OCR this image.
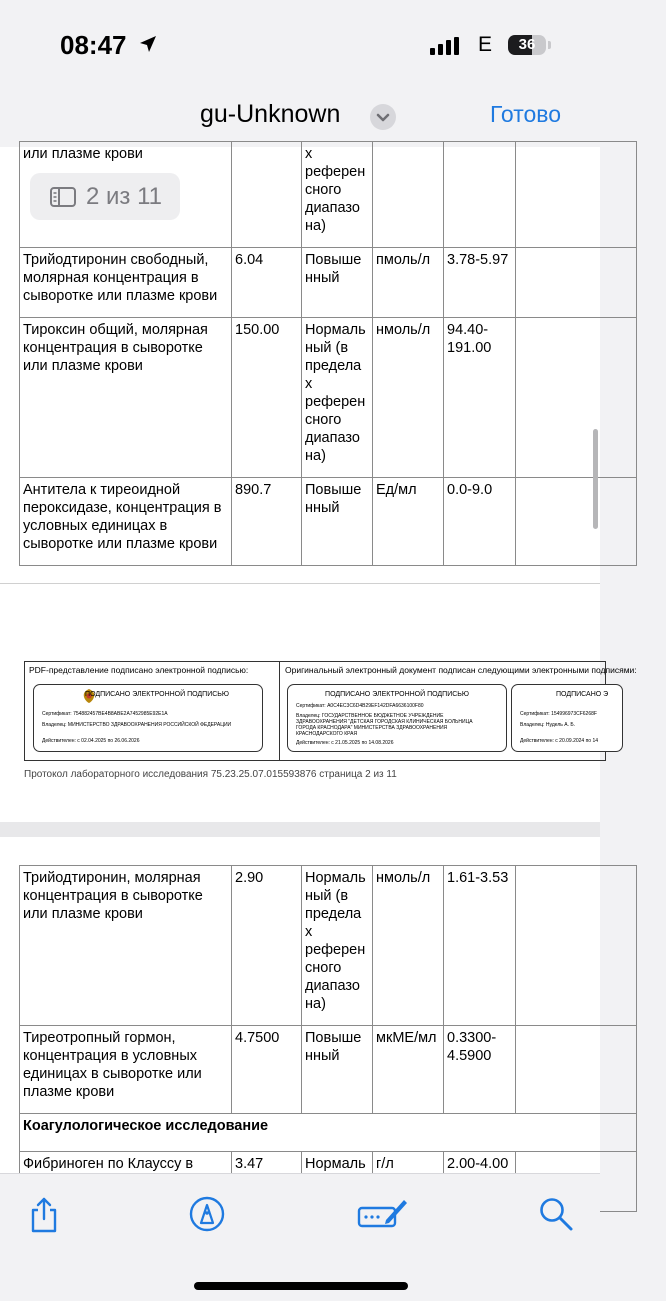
08:47	E	36
gu-Unknown	Готово
или плазме крови		х референ сного диапазо на)			
Трийодтиронин свободный, молярная концентрация в сыворотке или плазме крови	6.04	Повыше нный	пмоль/л	3.78-5.97	
Тироксин общий, молярная концентрация в сыворотке или плазме крови	150.00	Нормаль ный (в предела х референ сного диапазо на)	нмоль/л	94.40-191.00	
Антитела к тиреоидной пероксидазе, концентрация в условных единицах в сыворотке или плазме крови	890.7	Повыше нный	Ед/мл	0.0-9.0	
2 из 11
PDF-представление подписано электронной подписью:	Оригинальный электронный документ подписан следующими электронными подписями:
ПОДПИСАНО ЭЛЕКТРОННОЙ ПОДПИСЬЮ
Сертификат: 754882457BE4B8ABE2A7452985E92E1A
Владелец: МИНИСТЕРСТВО ЗДРАВООХРАНЕНИЯ РОССИЙСКОЙ ФЕДЕРАЦИИ
Действителен: с 02.04.2025 по 26.06.2026
ПОДПИСАНО ЭЛЕКТРОННОЙ ПОДПИСЬЮ
Сертификат: A0C4EC3C6D4B29EF142DFA6636100F80
Владелец: ГОСУДАРСТВЕННОЕ БЮДЖЕТНОЕ УЧРЕЖДЕНИЕ
ЗДРАВООХРАНЕНИЯ "ДЕТСКАЯ ГОРОДСКАЯ КЛИНИЧЕСКАЯ БОЛЬНИЦА
ГОРОДА КРАСНОДАРА" МИНИСТЕРСТВА ЗДРАВООХРАНЕНИЯ
КРАСНОДАРСКОГО КРАЯ
Действителен: с 21.05.2025 по 14.08.2026
ПОДПИСАНО Э
Сертификат: 154996973CF6268F
Владелец: Нудель А. Б.
Действителен: с 20.09.2024 по 14
Протокол лабораторного исследования 75.23.25.07.015593876 страница 2 из 11
Трийодтиронин, молярная концентрация в сыворотке или плазме крови	2.90	Нормаль ный (в предела х референ сного диапазо на)	нмоль/л	1.61-3.53	
Тиреотропный гормон, концентрация в условных единицах в сыворотке или плазме крови	4.7500	Повыше нный	мкМЕ/мл	0.3300-4.5900	
Коагулологическое исследование					
Фибриноген по Клауссу в	3.47	Нормаль	г/л	2.00-4.00	
